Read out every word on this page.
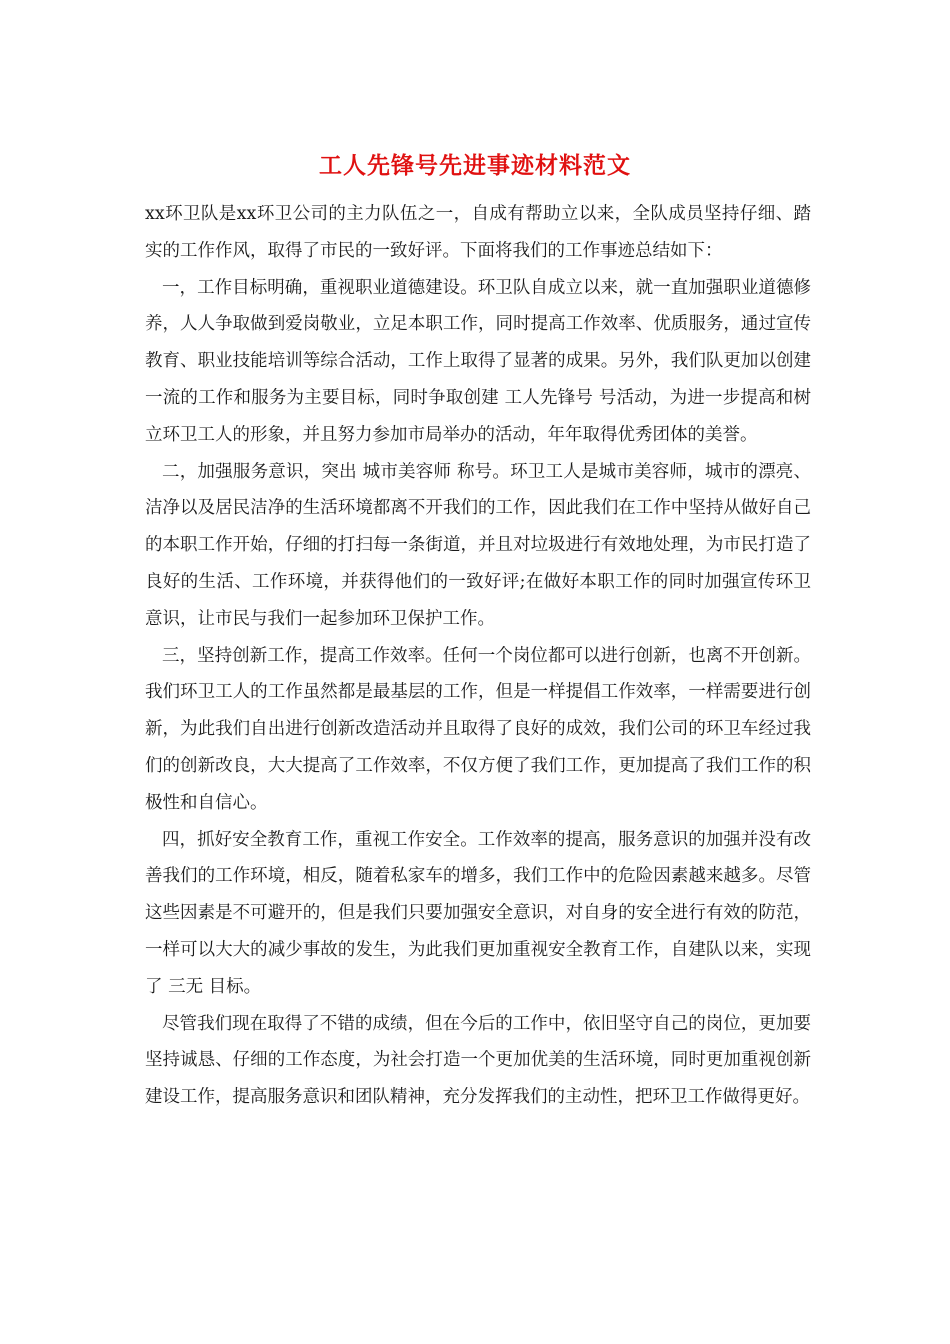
工人先锋号先进事迹材料范文

xx环卫队是xx环卫公司的主力队伍之一，自成有帮助立以来，全队成员坚持仔细、踏实的工作作风，取得了市民的一致好评。下面将我们的工作事迹总结如下：

一，工作目标明确，重视职业道德建设。环卫队自成立以来，就一直加强职业道德修养，人人争取做到爱岗敬业，立足本职工作，同时提高工作效率、优质服务，通过宣传教育、职业技能培训等综合活动，工作上取得了显著的成果。另外，我们队更加以创建一流的工作和服务为主要目标，同时争取创建 工人先锋号 号活动，为进一步提高和树立环卫工人的形象，并且努力参加市局举办的活动，年年取得优秀团体的美誉。

二，加强服务意识，突出 城市美容师 称号。环卫工人是城市美容师，城市的漂亮、洁净以及居民洁净的生活环境都离不开我们的工作，因此我们在工作中坚持从做好自己的本职工作开始，仔细的打扫每一条街道，并且对垃圾进行有效地处理，为市民打造了良好的生活、工作环境，并获得他们的一致好评;在做好本职工作的同时加强宣传环卫意识，让市民与我们一起参加环卫保护工作。

三，坚持创新工作，提高工作效率。任何一个岗位都可以进行创新，也离不开创新。我们环卫工人的工作虽然都是最基层的工作，但是一样提倡工作效率，一样需要进行创新，为此我们自出进行创新改造活动并且取得了良好的成效，我们公司的环卫车经过我们的创新改良，大大提高了工作效率，不仅方便了我们工作，更加提高了我们工作的积极性和自信心。

四，抓好安全教育工作，重视工作安全。工作效率的提高，服务意识的加强并没有改善我们的工作环境，相反，随着私家车的增多，我们工作中的危险因素越来越多。尽管这些因素是不可避开的，但是我们只要加强安全意识，对自身的安全进行有效的防范，一样可以大大的减少事故的发生，为此我们更加重视安全教育工作，自建队以来，实现了 三无 目标。

尽管我们现在取得了不错的成绩，但在今后的工作中，依旧坚守自己的岗位，更加要坚持诚恳、仔细的工作态度，为社会打造一个更加优美的生活环境，同时更加重视创新建设工作，提高服务意识和团队精神，充分发挥我们的主动性，把环卫工作做得更好。
